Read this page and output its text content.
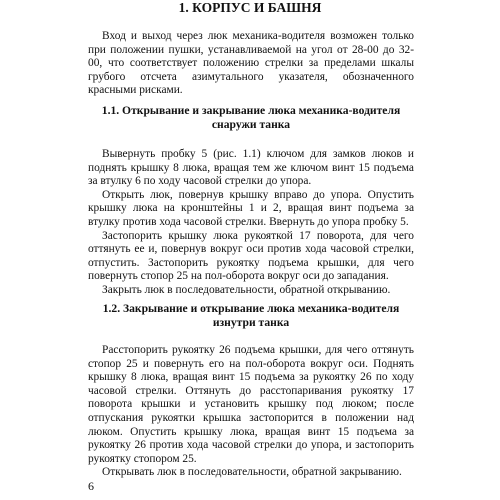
1. КОРПУС И БАШНЯ

Вход и выход через люк механика-водителя возможен только при положении пушки, устанавливаемой на угол от 28-00 до 32-00, что соответствует положению стрелки за пределами шкалы грубого отсчета азимутального указателя, обозначенного красными рисками.

1.1. Открывание и закрывание люка механика-водителя
снаружи танка

Вывернуть пробку 5 (рис. 1.1) ключом для замков люков и поднять крышку 8 люка, вращая тем же ключом винт 15 подъема за втулку 6 по ходу часовой стрелки до упора.

Открыть люк, повернув крышку вправо до упора. Опустить крышку люка на кронштейны 1 и 2, вращая винт подъема за втулку против хода часовой стрелки. Ввернуть до упора пробку 5.

Застопорить крышку люка рукояткой 17 поворота, для чего оттянуть ее и, повернув вокруг оси против хода часовой стрелки, отпустить. Застопорить рукоятку подъема крышки, для чего повернуть стопор 25 на пол-оборота вокруг оси до западания.

Закрыть люк в последовательности, обратной открыванию.

1.2. Закрывание и открывание люка механика-водителя
изнутри танка

Расстопорить рукоятку 26 подъема крышки, для чего оттянуть стопор 25 и повернуть его на пол-оборота вокруг оси. Поднять крышку 8 люка, вращая винт 15 подъема за рукоятку 26 по ходу часовой стрелки. Оттянуть до расстопаривания рукоятку 17 поворота крышки и установить крышку под люком; после отпускания рукоятки крышка застопорится в положении над люком. Опустить крышку люка, вращая винт 15 подъема за рукоятку 26 против хода часовой стрелки до упора, и застопорить рукоятку стопором 25.

Открывать люк в последовательности, обратной закрыванию.

6
